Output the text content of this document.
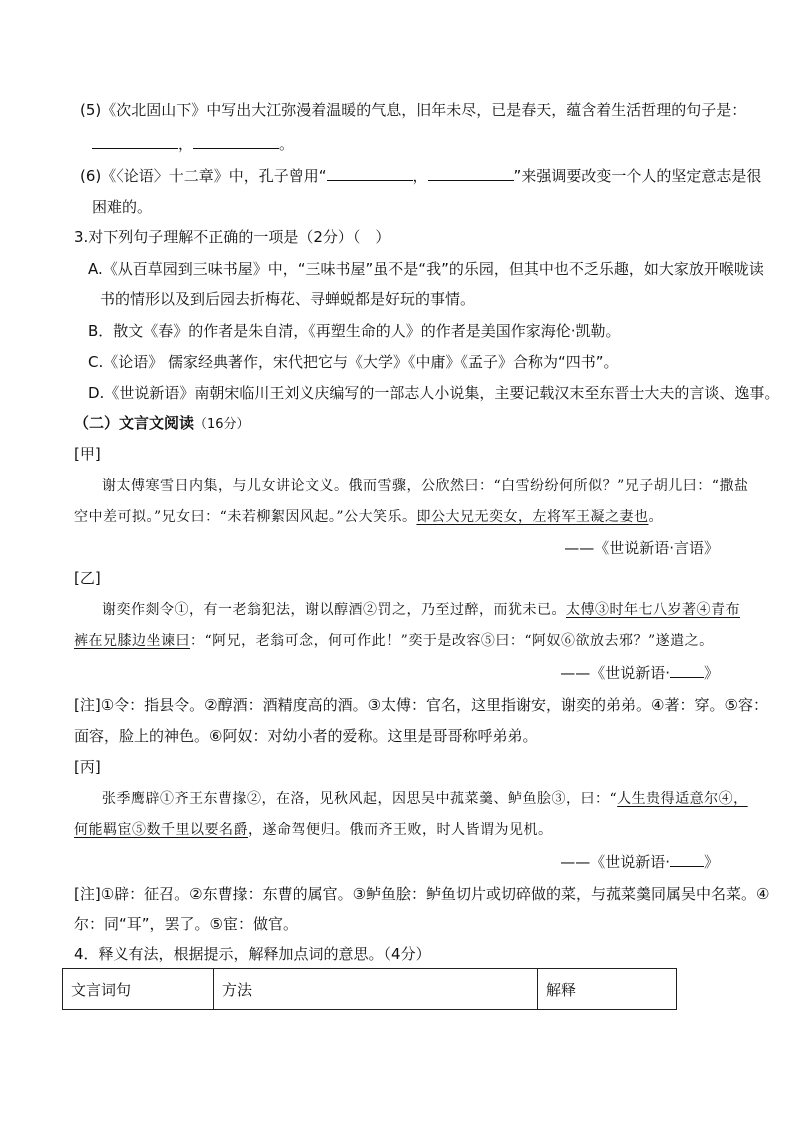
(5)《次北固山下》中写出大江弥漫着温暖的气息，旧年未尽，已是春天，蕴含着生活哲理的句子是：
，	。
(6)《〈论语〉十二章》中，孔子曾用“	，	”来强调要改变一个人的坚定意志是很
困难的。
3.对下列句子理解不正确的一项是（2分）（　）
A.《从百草园到三味书屋》中，“三味书屋”虽不是“我”的乐园，但其中也不乏乐趣，如大家放开喉咙读
书的情形以及到后园去折梅花、寻蝉蜕都是好玩的事情。
B．散文《春》的作者是朱自清，《再塑生命的人》的作者是美国作家海伦·凯勒。
C.《论语》 儒家经典著作，宋代把它与《大学》《中庸》《孟子》合称为“四书”。
D.《世说新语》南朝宋临川王刘义庆编写的一部志人小说集，主要记载汉末至东晋士大夫的言谈、逸事。
（二）文言文阅读（16分）
[甲]
谢太傅寒雪日内集，与儿女讲论文义。俄而雪骤，公欣然曰：“白雪纷纷何所似？”兄子胡儿曰：“撒盐
空中差可拟。”兄女曰：“未若柳絮因风起。”公大笑乐。即公大兄无奕女，左将军王凝之妻也。
——《世说新语·言语》
[乙]
谢奕作剡令①，有一老翁犯法，谢以醇酒②罚之，乃至过醉，而犹未已。太傅③时年七八岁著④青布
裤在兄膝边坐谏曰：“阿兄，老翁可念，何可作此！”奕于是改容⑤曰：“阿奴⑥欲放去邪？”遂遣之。
——《世说新语· 》
[注]①令：指县令。②醇酒：酒精度高的酒。③太傅：官名，这里指谢安，谢奕的弟弟。④著：穿。⑤容：
面容，脸上的神色。⑥阿奴：对幼小者的爱称。这里是哥哥称呼弟弟。
[丙]
张季鹰辟①齐王东曹掾②，在洛，见秋风起，因思吴中菰菜羹、鲈鱼脍③，曰：“人生贵得适意尔④，
何能羁宦⑤数千里以要名爵，遂命驾便归。俄而齐王败，时人皆谓为见机。
——《世说新语· 》
[注]①辟：征召。②东曹掾：东曹的属官。③鲈鱼脍：鲈鱼切片或切碎做的菜，与菰菜羹同属吴中名菜。④
尔：同“耳”，罢了。⑤宦：做官。
4．释义有法，根据提示，解释加点词的意思。（4分）
文言词句	方法	解释
